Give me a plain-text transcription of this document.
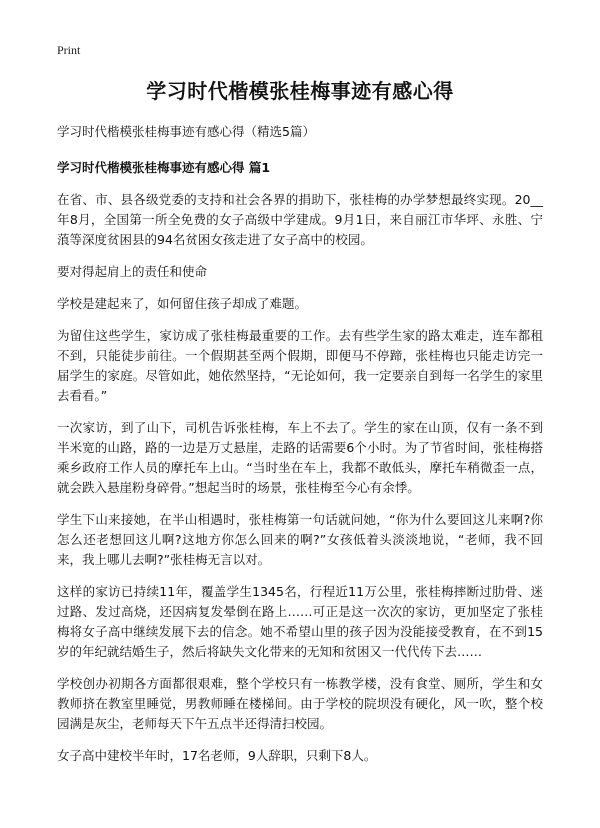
Print
学习时代楷模张桂梅事迹有感心得
学习时代楷模张桂梅事迹有感心得（精选5篇）
学习时代楷模张桂梅事迹有感心得 篇1

在省、市、县各级党委的支持和社会各界的捐助下，张桂梅的办学梦想最终实现。20__年8月，全国第一所全免费的女子高级中学建成。9月1日，来自丽江市华坪、永胜、宁蒗等深度贫困县的94名贫困女孩走进了女子高中的校园。

要对得起肩上的责任和使命

学校是建起来了，如何留住孩子却成了难题。

为留住这些学生，家访成了张桂梅最重要的工作。去有些学生家的路太难走，连车都租不到，只能徒步前往。一个假期甚至两个假期，即便马不停蹄，张桂梅也只能走访完一届学生的家庭。尽管如此，她依然坚持，“无论如何，我一定要亲自到每一名学生的家里去看看。”

一次家访，到了山下，司机告诉张桂梅，车上不去了。学生的家在山顶，仅有一条不到半米宽的山路，路的一边是万丈悬崖，走路的话需要6个小时。为了节省时间，张桂梅搭乘乡政府工作人员的摩托车上山。“当时坐在车上，我都不敢低头，摩托车稍微歪一点，就会跌入悬崖粉身碎骨。”想起当时的场景，张桂梅至今心有余悸。

学生下山来接她，在半山相遇时，张桂梅第一句话就问她，“你为什么要回这儿来啊?你怎么还老想回这儿啊?这地方你怎么回来的啊?”女孩低着头淡淡地说，“老师，我不回来，我上哪儿去啊?”张桂梅无言以对。

这样的家访已持续11年，覆盖学生1345名，行程近11万公里，张桂梅摔断过肋骨、迷过路、发过高烧，还因病复发晕倒在路上……可正是这一次次的家访，更加坚定了张桂梅将女子高中继续发展下去的信念。她不希望山里的孩子因为没能接受教育，在不到15岁的年纪就结婚生子，然后将缺失文化带来的无知和贫困又一代代传下去……

学校创办初期各方面都很艰难，整个学校只有一栋教学楼，没有食堂、厕所，学生和女教师挤在教室里睡觉，男教师睡在楼梯间。由于学校的院坝没有硬化，风一吹，整个校园满是灰尘，老师每天下午五点半还得清扫校园。

女子高中建校半年时，17名老师，9人辞职，只剩下8人。
